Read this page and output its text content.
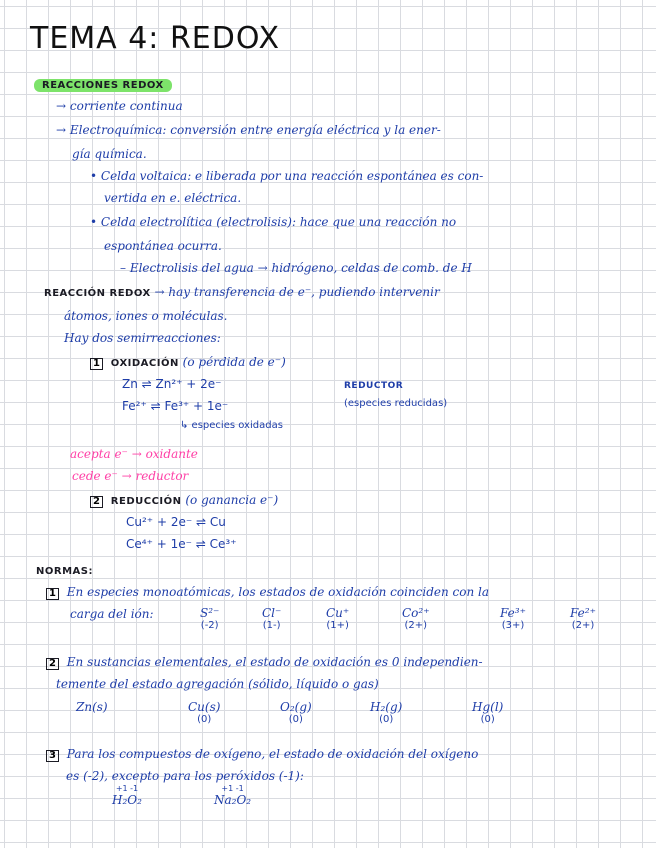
TEMA 4: REDOX
REACCIONES REDOX
→ corriente continua
→ Electroquímica: conversión entre energía eléctrica y la ener-
gía química.
• Celda voltaica: e liberada por una reacción espontánea es con-
vertida en e. eléctrica.
• Celda electrolítica (electrolisis): hace que una reacción no
espontánea ocurra.
– Electrolisis del agua → hidrógeno, celdas de comb. de H
REACCIÓN REDOX → hay transferencia de e⁻, pudiendo intervenir
átomos, iones o moléculas.
Hay dos semirreacciones:
1 OXIDACIÓN (o pérdida de e⁻)
Zn ⇌ Zn²⁺ + 2e⁻
Fe²⁺ ⇌ Fe³⁺ + 1e⁻
REDUCTOR
(especies reducidas)
↳ especies oxidadas
acepta e⁻ → oxidante
cede e⁻ → reductor
2 REDUCCIÓN (o ganancia e⁻)
Cu²⁺ + 2e⁻ ⇌ Cu
Ce⁴⁺ + 1e⁻ ⇌ Ce³⁺
NORMAS:
1 En especies monoatómicas, los estados de oxidación coinciden con la
carga del ión:	S²⁻
(-2)
Cl⁻
(1-)
Cu⁺
(1+)
Co²⁺
(2+)
Fe³⁺
(3+)
Fe²⁺
(2+)
2 En sustancias elementales, el estado de oxidación es 0 independien-
temente del estado agregación (sólido, líquido o gas)
Zn(s)	Cu(s)
(0)
O₂(g)
(0)
H₂(g)
(0)
Hg(l)
(0)
3 Para los compuestos de oxígeno, el estado de oxidación del oxígeno
es (-2), excepto para los peróxidos (-1):
+1 -1
H₂O₂
+1 -1
Na₂O₂
